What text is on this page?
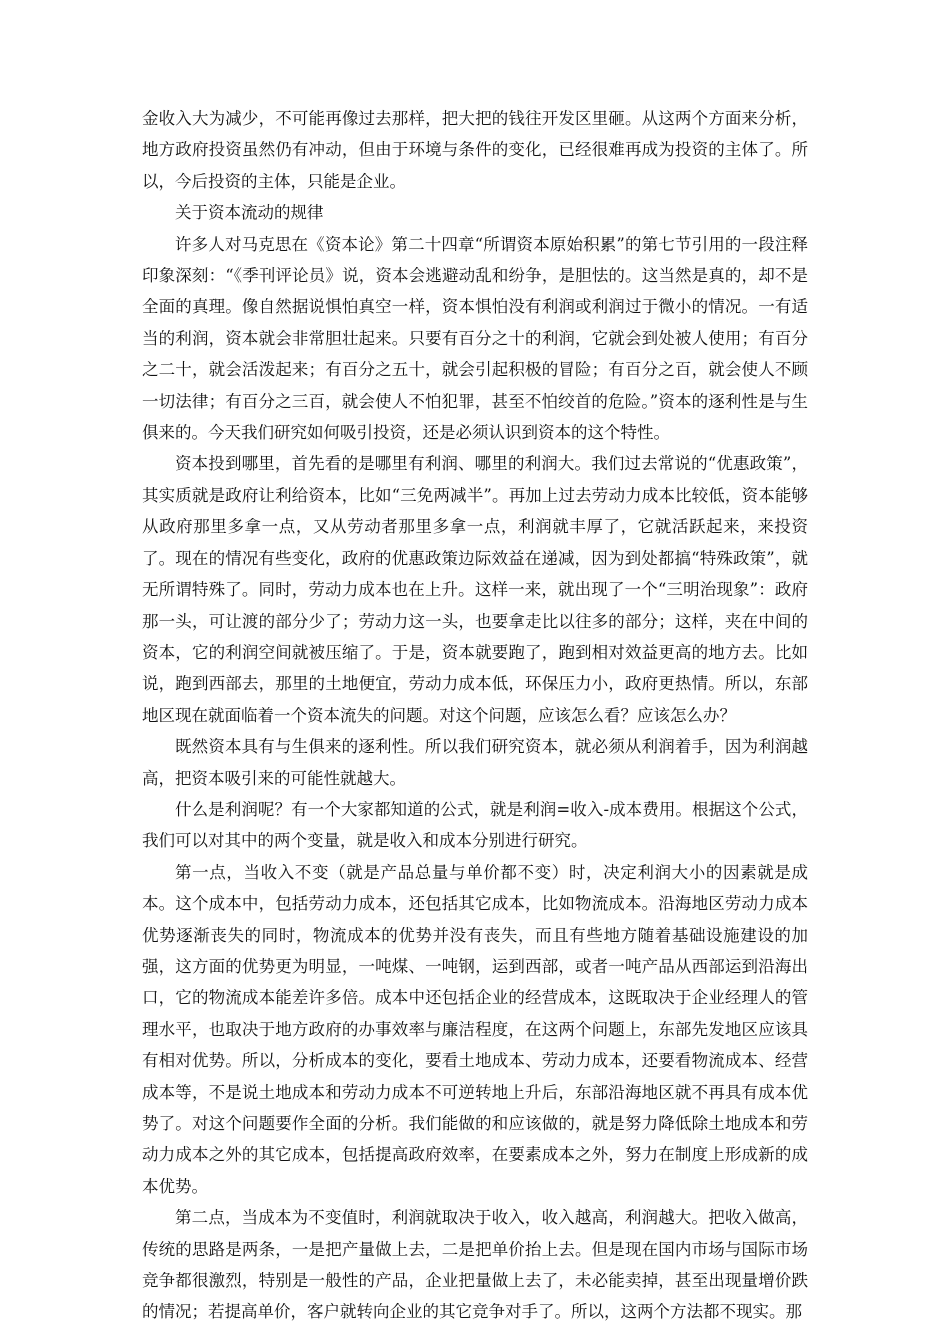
金收入大为减少，不可能再像过去那样，把大把的钱往开发区里砸。从这两个方面来分析，地方政府投资虽然仍有冲动，但由于环境与条件的变化，已经很难再成为投资的主体了。所以，今后投资的主体，只能是企业。

关于资本流动的规律

许多人对马克思在《资本论》第二十四章“所谓资本原始积累”的第七节引用的一段注释印象深刻：“《季刊评论员》说，资本会逃避动乱和纷争，是胆怯的。这当然是真的，却不是全面的真理。像自然据说惧怕真空一样，资本惧怕没有利润或利润过于微小的情况。一有适当的利润，资本就会非常胆壮起来。只要有百分之十的利润，它就会到处被人使用；有百分之二十，就会活泼起来；有百分之五十，就会引起积极的冒险；有百分之百，就会使人不顾一切法律；有百分之三百，就会使人不怕犯罪，甚至不怕绞首的危险。”资本的逐利性是与生俱来的。今天我们研究如何吸引投资，还是必须认识到资本的这个特性。

资本投到哪里，首先看的是哪里有利润、哪里的利润大。我们过去常说的“优惠政策”，其实质就是政府让利给资本，比如“三免两减半”。再加上过去劳动力成本比较低，资本能够从政府那里多拿一点，又从劳动者那里多拿一点，利润就丰厚了，它就活跃起来，来投资了。现在的情况有些变化，政府的优惠政策边际效益在递减，因为到处都搞“特殊政策”，就无所谓特殊了。同时，劳动力成本也在上升。这样一来，就出现了一个“三明治现象”：政府那一头，可让渡的部分少了；劳动力这一头，也要拿走比以往多的部分；这样，夹在中间的资本，它的利润空间就被压缩了。于是，资本就要跑了，跑到相对效益更高的地方去。比如说，跑到西部去，那里的土地便宜，劳动力成本低，环保压力小，政府更热情。所以，东部地区现在就面临着一个资本流失的问题。对这个问题，应该怎么看？应该怎么办？

既然资本具有与生俱来的逐利性。所以我们研究资本，就必须从利润着手，因为利润越高，把资本吸引来的可能性就越大。

什么是利润呢？有一个大家都知道的公式，就是利润=收入-成本费用。根据这个公式，我们可以对其中的两个变量，就是收入和成本分别进行研究。

第一点，当收入不变（就是产品总量与单价都不变）时，决定利润大小的因素就是成本。这个成本中，包括劳动力成本，还包括其它成本，比如物流成本。沿海地区劳动力成本优势逐渐丧失的同时，物流成本的优势并没有丧失，而且有些地方随着基础设施建设的加强，这方面的优势更为明显，一吨煤、一吨钢，运到西部，或者一吨产品从西部运到沿海出口，它的物流成本能差许多倍。成本中还包括企业的经营成本，这既取决于企业经理人的管理水平，也取决于地方政府的办事效率与廉洁程度，在这两个问题上，东部先发地区应该具有相对优势。所以，分析成本的变化，要看土地成本、劳动力成本，还要看物流成本、经营成本等，不是说土地成本和劳动力成本不可逆转地上升后，东部沿海地区就不再具有成本优势了。对这个问题要作全面的分析。我们能做的和应该做的，就是努力降低除土地成本和劳动力成本之外的其它成本，包括提高政府效率，在要素成本之外，努力在制度上形成新的成本优势。

第二点，当成本为不变值时，利润就取决于收入，收入越高，利润越大。把收入做高，传统的思路是两条，一是把产量做上去，二是把单价抬上去。但是现在国内市场与国际市场竞争都很激烈，特别是一般性的产品，企业把量做上去了，未必能卖掉，甚至出现量增价跌的情况；若提高单价，客户就转向企业的其它竞争对手了。所以，这两个方法都不现实。那
